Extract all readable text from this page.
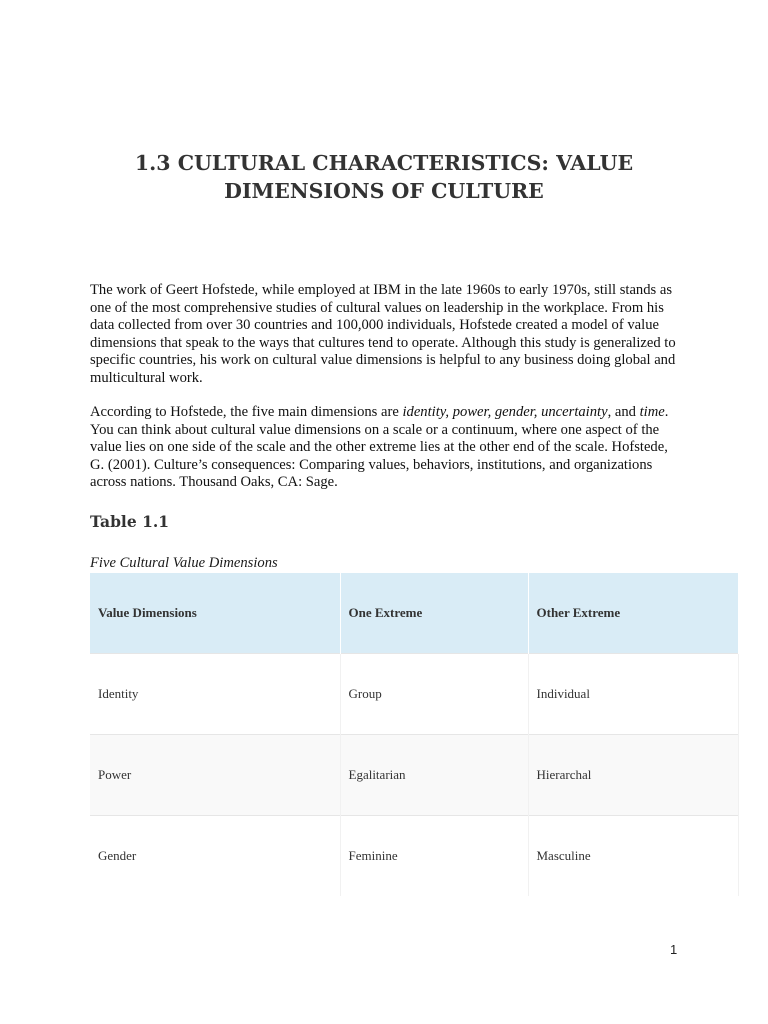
1.3 CULTURAL CHARACTERISTICS: VALUE DIMENSIONS OF CULTURE

The work of Geert Hofstede, while employed at IBM in the late 1960s to early 1970s, still stands as one of the most comprehensive studies of cultural values on leadership in the workplace. From his data collected from over 30 countries and 100,000 individuals, Hofstede created a model of value dimensions that speak to the ways that cultures tend to operate. Although this study is generalized to specific countries, his work on cultural value dimensions is helpful to any business doing global and multicultural work.

According to Hofstede, the five main dimensions are identity, power, gender, uncertainty, and time. You can think about cultural value dimensions on a scale or a continuum, where one aspect of the value lies on one side of the scale and the other extreme lies at the other end of the scale. Hofstede, G. (2001). Culture’s consequences: Comparing values, behaviors, institutions, and organizations across nations. Thousand Oaks, CA: Sage.

Table 1.1

Five Cultural Value Dimensions

Value Dimensions	One Extreme	Other Extreme
Identity	Group	Individual
Power	Egalitarian	Hierarchal
Gender	Feminine	Masculine
1
